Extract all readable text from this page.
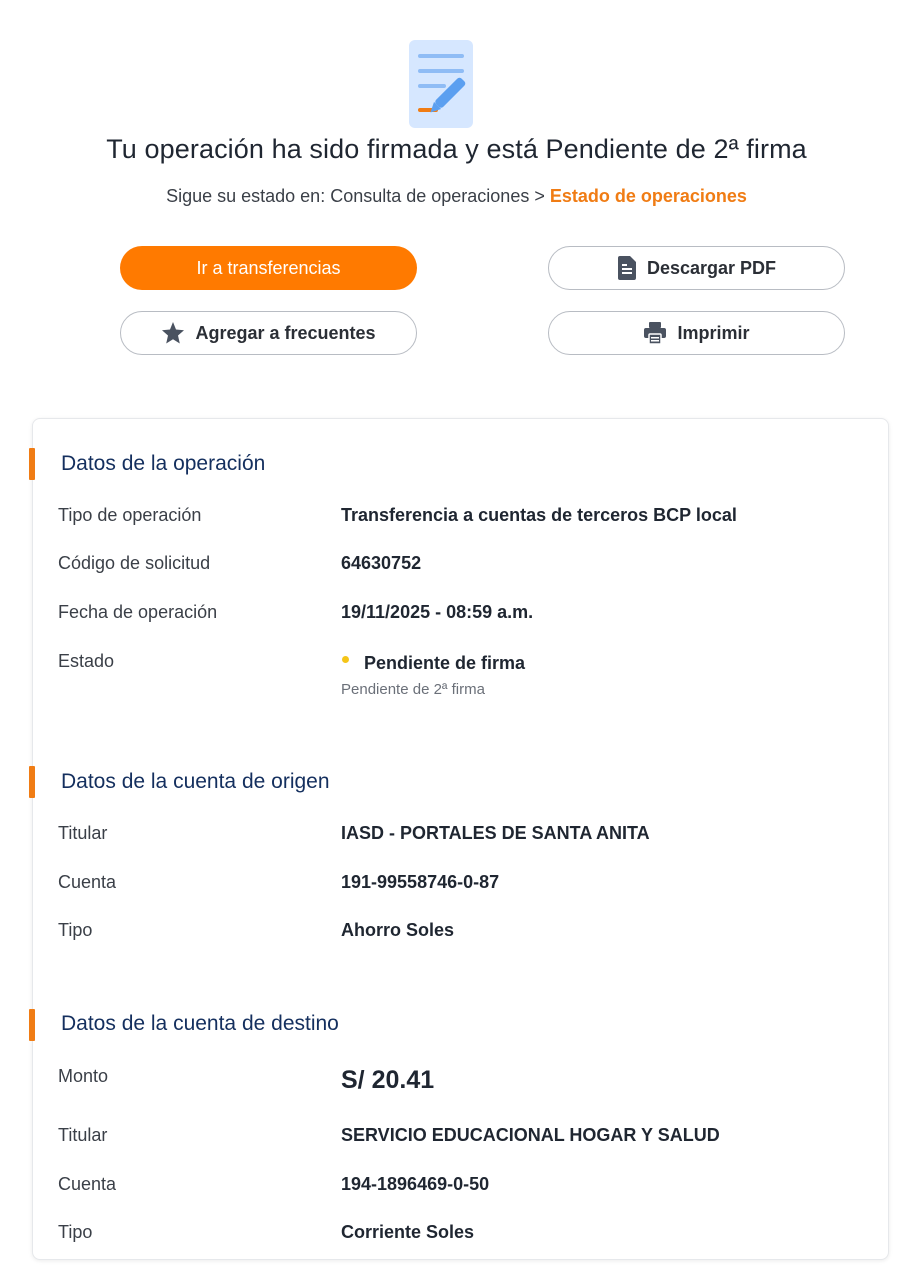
Tu operación ha sido firmada y está Pendiente de 2ª firma
Sigue su estado en: Consulta de operaciones > Estado de operaciones
Ir a transferencias	Descargar PDF
Agregar a frecuentes	Imprimir
Datos de la operación
Tipo de operación	Transferencia a cuentas de terceros BCP local
Código de solicitud	64630752
Fecha de operación	19/11/2025 - 08:59 a.m.
Estado	Pendiente de firma
Pendiente de 2ª firma
Datos de la cuenta de origen
Titular	IASD - PORTALES DE SANTA ANITA
Cuenta	191-99558746-0-87
Tipo	Ahorro Soles
Datos de la cuenta de destino
Monto	S/ 20.41
Titular	SERVICIO EDUCACIONAL HOGAR Y SALUD
Cuenta	194-1896469-0-50
Tipo	Corriente Soles
